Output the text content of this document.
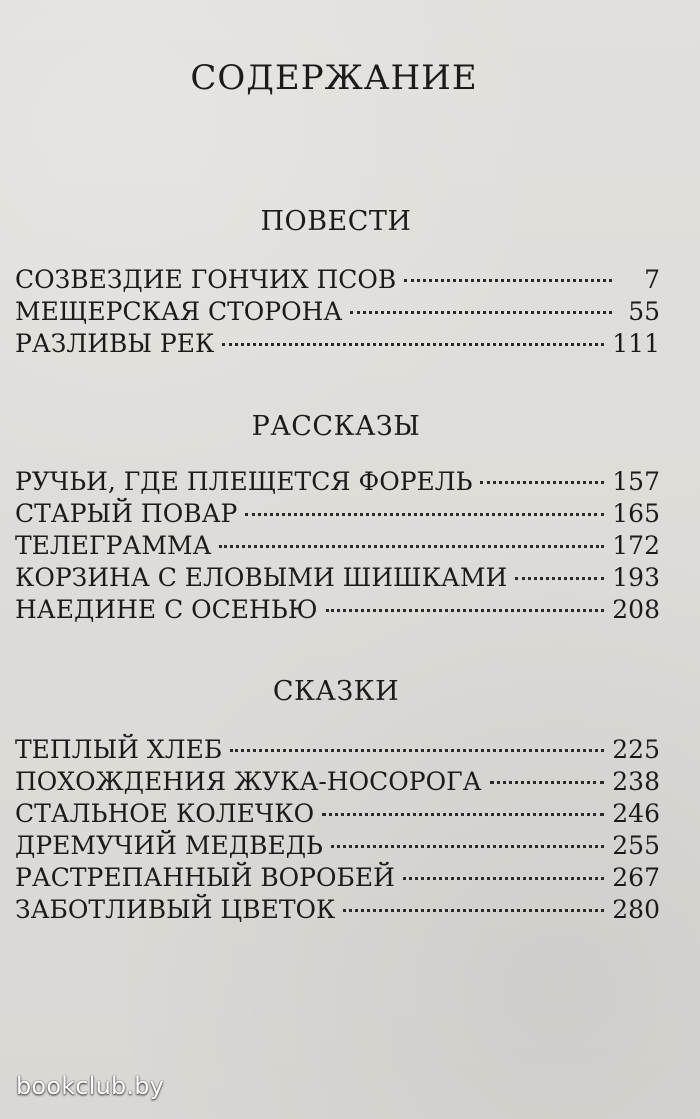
СОДЕРЖАНИЕ
ПОВЕСТИ
СОЗВЕЗДИЕ ГОНЧИХ ПСОВ	7
МЕЩЕРСКАЯ СТОРОНА	55
РАЗЛИВЫ РЕК	111
РАССКАЗЫ
РУЧЬИ, ГДЕ ПЛЕЩЕТСЯ ФОРЕЛЬ	157
СТАРЫЙ ПОВАР	165
ТЕЛЕГРАММА	172
КОРЗИНА С ЕЛОВЫМИ ШИШКАМИ	193
НАЕДИНЕ С ОСЕНЬЮ	208
СКАЗКИ
ТЕПЛЫЙ ХЛЕБ	225
ПОХОЖДЕНИЯ ЖУКА-НОСОРОГА	238
СТАЛЬНОЕ КОЛЕЧКО	246
ДРЕМУЧИЙ МЕДВЕДЬ	255
РАСТРЕПАННЫЙ ВОРОБЕЙ	267
ЗАБОТЛИВЫЙ ЦВЕТОК	280
bookclub.by
